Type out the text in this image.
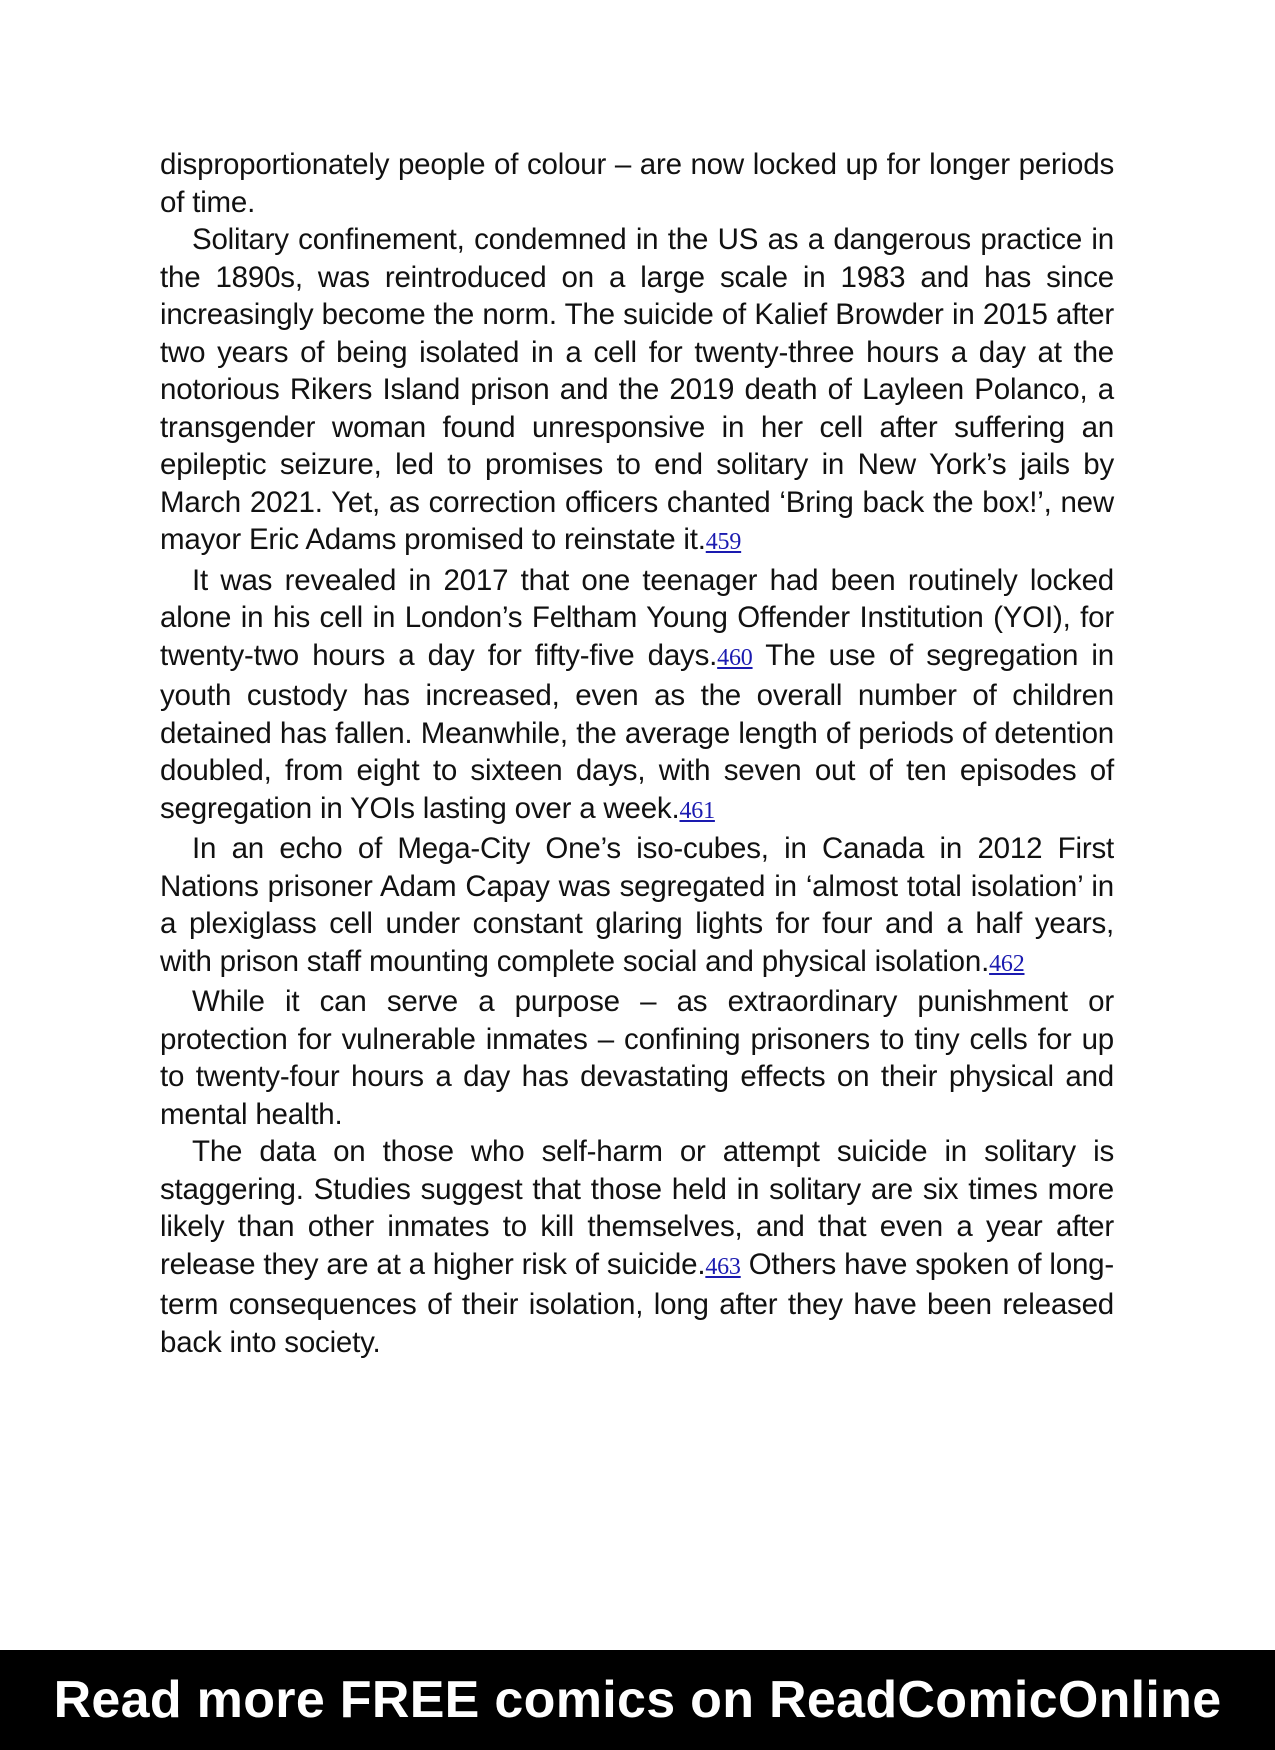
disproportionately people of colour – are now locked up for longer periods of time.

Solitary confinement, condemned in the US as a dangerous practice in the 1890s, was reintroduced on a large scale in 1983 and has since increasingly become the norm. The suicide of Kalief Browder in 2015 after two years of being isolated in a cell for twenty-three hours a day at the notorious Rikers Island prison and the 2019 death of Layleen Polanco, a transgender woman found unresponsive in her cell after suffering an epileptic seizure, led to promises to end solitary in New York’s jails by March 2021. Yet, as correction officers chanted ‘Bring back the box!’, new mayor Eric Adams promised to reinstate it.459

It was revealed in 2017 that one teenager had been routinely locked alone in his cell in London’s Feltham Young Offender Institution (YOI), for twenty-two hours a day for fifty-five days.460 The use of segregation in youth custody has increased, even as the overall number of children detained has fallen. Meanwhile, the average length of periods of detention doubled, from eight to sixteen days, with seven out of ten episodes of segregation in YOIs lasting over a week.461

In an echo of Mega-City One’s iso-cubes, in Canada in 2012 First Nations prisoner Adam Capay was segregated in ‘almost total isolation’ in a plexiglass cell under constant glaring lights for four and a half years, with prison staff mounting complete social and physical isolation.462

While it can serve a purpose – as extraordinary punishment or protection for vulnerable inmates – confining prisoners to tiny cells for up to twenty-four hours a day has devastating effects on their physical and mental health.

The data on those who self-harm or attempt suicide in solitary is staggering. Studies suggest that those held in solitary are six times more likely than other inmates to kill themselves, and that even a year after release they are at a higher risk of suicide.463 Others have spoken of long-term consequences of their isolation, long after they have been released back into society.

Read more FREE comics on ReadComicOnline
